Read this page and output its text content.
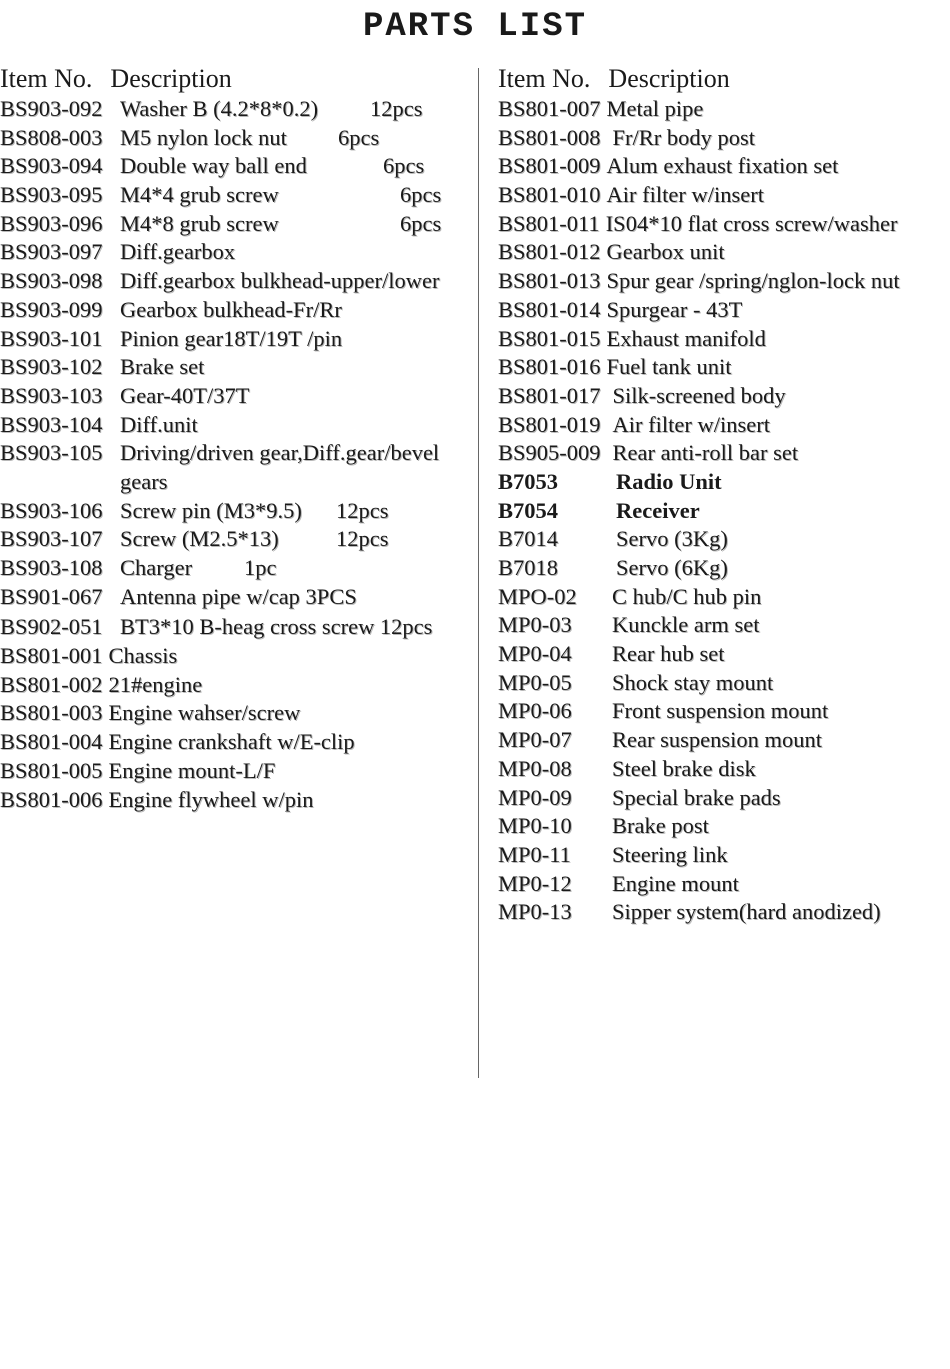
PARTS LIST
Item No. Description
BS903-092 Washer B (4.2*8*0.2) 12pcs
BS808-003 M5 nylon lock nut 6pcs
BS903-094 Double way ball end	6pcs
BS903-095 M4*4 grub screw	6pcs
BS903-096 M4*8 grub screw	6pcs
BS903-097 Diff.gearbox
BS903-098 Diff.gearbox bulkhead-upper/lower
BS903-099 Gearbox bulkhead-Fr/Rr
BS903-101 Pinion gear18T/19T /pin
BS903-102 Brake set
BS903-103 Gear-40T/37T
BS903-104 Diff.unit
BS903-105 Driving/driven gear,Diff.gear/bevel gears
BS903-106 Screw pin (M3*9.5) 12pcs
BS903-107 Screw (M2.5*13)	12pcs
BS903-108 Charger 1pc
BS901-067 Antenna pipe w/cap 3PCS
BS902-051 BT3*10 B-heag cross screw 12pcs
BS801-001 Chassis
BS801-002 21#engine
BS801-003 Engine wahser/screw
BS801-004 Engine crankshaft w/E-clip
BS801-005 Engine mount-L/F
BS801-006 Engine flywheel w/pin
Item No. Description
BS801-007 Metal pipe
BS801-008 Fr/Rr body post
BS801-009 Alum exhaust fixation set
BS801-010 Air filter w/insert
BS801-011 IS04*10 flat cross screw/washer
BS801-012 Gearbox unit
BS801-013 Spur gear /spring/nglon-lock nut
BS801-014 Spurgear - 43T
BS801-015 Exhaust manifold
BS801-016 Fuel tank unit
BS801-017 Silk-screened body
BS801-019 Air filter w/insert
BS905-009 Rear anti-roll bar set
B7053	Radio Unit
B7054	Receiver
B7014	Servo (3Kg)
B7018	Servo (6Kg)
MPO-02 C hub/C hub pin
MP0-03 Kunckle arm set
MP0-04 Rear hub set
MP0-05 Shock stay mount
MP0-06 Front suspension mount
MP0-07 Rear suspension mount
MP0-08 Steel brake disk
MP0-09 Special brake pads
MP0-10 Brake post
MP0-11 Steering link
MP0-12 Engine mount
MP0-13 Sipper system(hard anodized)
